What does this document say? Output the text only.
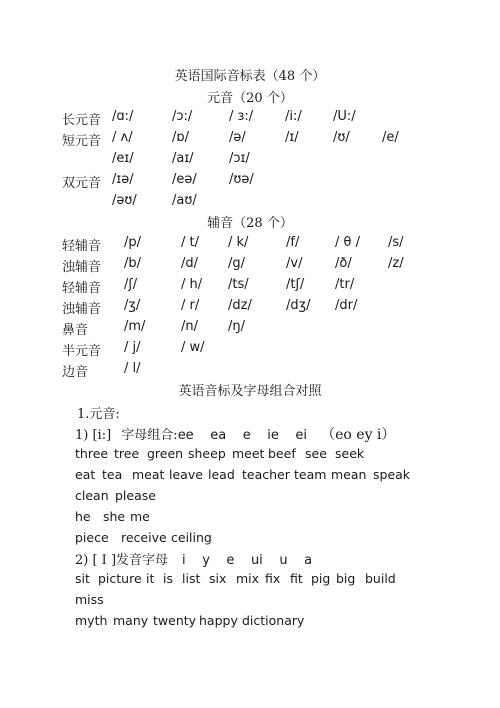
英语国际音标表（48 个）
元音（20 个）
长元音 /ɑ:/	/ɔ:/	/ ɜ:/ /i:/ /U:/
短元音 / ʌ/	/ɒ/	/ə/	/ɪ/	/ʊ/ /e/
/eɪ/	/aɪ/	/ɔɪ/
双元音 /ɪə/	/eə/ /ʊə/
/əʊ/	/aʊ/
辅音（28 个）
轻辅音 /p/	/ t/ / k/	/f/	/ θ / /s/
浊辅音 /b/	/d/ /g/	/v/	/ð/	/z/
轻辅音 /ʃ/	/ h/ /ts/	/tʃ/ /tr/
浊辅音 /ʒ/	/ r/ /dz/	/dʒ/ /dr/
鼻音	/m/	/n/ /ŋ/
半元音 / j/	/ w/
边音	/ l/
英语音标及字母组合对照
1.元音:
1) [i:] 字母组合:ee    ea    e    ie    ei （eo ey i）
three tree green sheep meet beef see seek
eat tea meat leave lead teacher team mean speak
clean please
he she me
piece receive ceiling
2) [ I ]发音字母 i    y    e    ui    u    a
sit picture it is list six mix fix fit pig big build
miss
myth many twenty happy dictionary
